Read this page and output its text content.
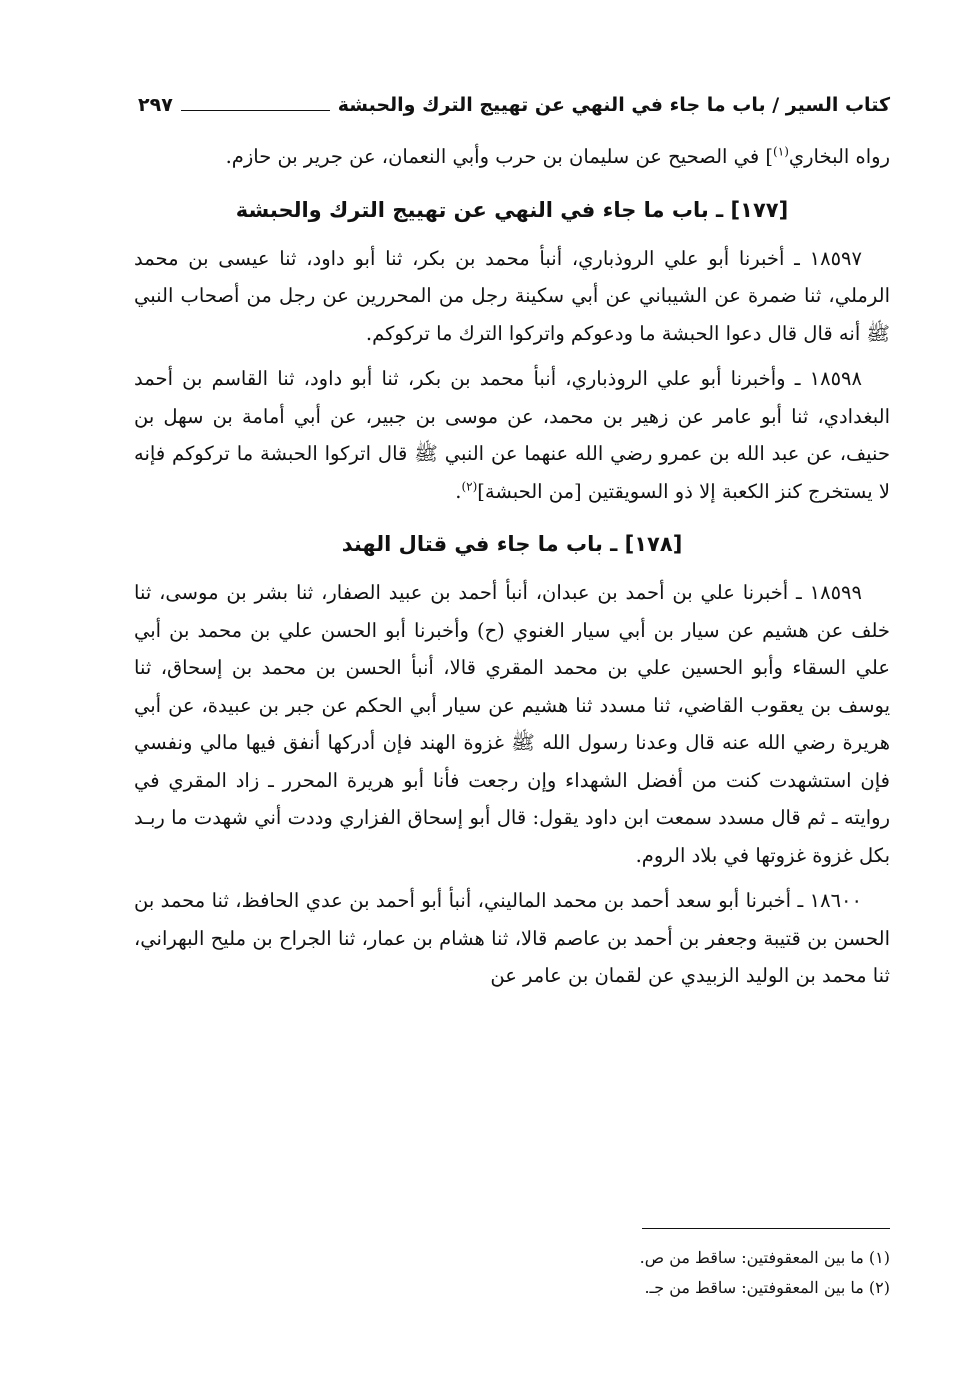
كتاب السير / باب ما جاء في النهي عن تهييج الترك والحبشة
٢٩٧

رواه البخاري$^{(١)}$] في الصحيح عن سليمان بن حرب وأبي النعمان، عن جرير بن حازم.

[١٧٧] ـ باب ما جاء في النهي عن تهييج الترك والحبشة

١٨٥٩٧ ـ أخبرنا أبو علي الروذباري، أنبأ محمد بن بكر، ثنا أبو داود، ثنا عيسى بن محمد الرملي، ثنا ضمرة عن الشيباني عن أبي سكينة رجل من المحررين عن رجل من أصحاب النبي ﷺ أنه قال قال دعوا الحبشة ما ودعوكم واتركوا الترك ما تركوكم.

١٨٥٩٨ ـ وأخبرنا أبو علي الروذباري، أنبأ محمد بن بكر، ثنا أبو داود، ثنا القاسم بن أحمد البغدادي، ثنا أبو عامر عن زهير بن محمد، عن موسى بن جبير، عن أبي أمامة بن سهل بن حنيف، عن عبد الله بن عمرو رضي الله عنهما عن النبي ﷺ قال اتركوا الحبشة ما تركوكم فإنه لا يستخرج كنز الكعبة إلا ذو السويقتين [من الحبشة]$^{(٢)}$.

[١٧٨] ـ باب ما جاء في قتال الهند

١٨٥٩٩ ـ أخبرنا علي بن أحمد بن عبدان، أنبأ أحمد بن عبيد الصفار، ثنا بشر بن موسى، ثنا خلف عن هشيم عن سيار بن أبي سيار الغنوي (ح) وأخبرنا أبو الحسن علي بن محمد بن أبي علي السقاء وأبو الحسين علي بن محمد المقري قالا، أنبأ الحسن بن محمد بن إسحاق، ثنا يوسف بن يعقوب القاضي، ثنا مسدد ثنا هشيم عن سيار أبي الحكم عن جبر بن عبيدة، عن أبي هريرة رضي الله عنه قال وعدنا رسول الله ﷺ غزوة الهند فإن أدركها أنفق فيها مالي ونفسي فإن استشهدت كنت من أفضل الشهداء وإن رجعت فأنا أبو هريرة المحرر ـ زاد المقري في روايته ـ ثم قال مسدد سمعت ابن داود يقول: قال أبو إسحاق الفزاري وددت أني شهدت ما ربـد بكل غزوة غزوتها في بلاد الروم.

١٨٦٠٠ ـ أخبرنا أبو سعد أحمد بن محمد الماليني، أنبأ أبو أحمد بن عدي الحافظ، ثنا محمد بن الحسن بن قتيبة وجعفر بن أحمد بن عاصم قالا، ثنا هشام بن عمار، ثنا الجراح بن مليح البهراني، ثنا محمد بن الوليد الزبيدي عن لقمان بن عامر عن

(١) ما بين المعقوفتين: ساقط من ص.

(٢) ما بين المعقوفتين: ساقط من جـ.
